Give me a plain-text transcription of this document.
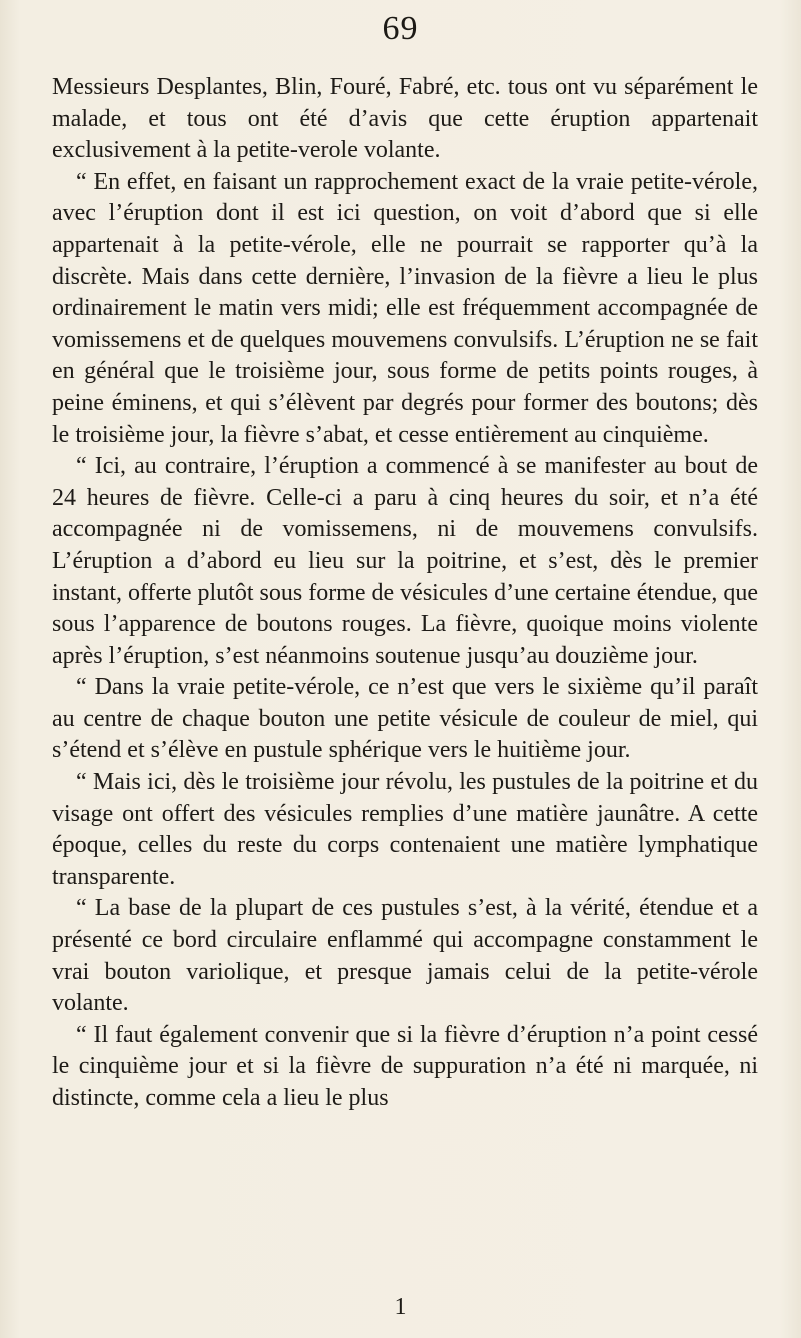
69

Messieurs Desplantes, Blin, Fouré, Fabré, etc. tous ont vu séparément le malade, et tous ont été d’avis que cette éruption appartenait exclusivement à la petite-verole volante.

“ En effet, en faisant un rapprochement exact de la vraie petite-vérole, avec l’éruption dont il est ici question, on voit d’abord que si elle appartenait à la petite-vérole, elle ne pourrait se rapporter qu’à la discrète. Mais dans cette dernière, l’invasion de la fièvre a lieu le plus ordinairement le matin vers midi; elle est fréquemment accompagnée de vomissemens et de quelques mouvemens convulsifs. L’éruption ne se fait en général que le troisième jour, sous forme de petits points rouges, à peine éminens, et qui s’élèvent par degrés pour former des boutons; dès le troisième jour, la fièvre s’abat, et cesse entièrement au cinquième.

“ Ici, au contraire, l’éruption a commencé à se manifester au bout de 24 heures de fièvre. Celle-ci a paru à cinq heures du soir, et n’a été accompagnée ni de vomissemens, ni de mouvemens convulsifs. L’éruption a d’abord eu lieu sur la poitrine, et s’est, dès le premier instant, offerte plutôt sous forme de vésicules d’une certaine étendue, que sous l’apparence de boutons rouges. La fièvre, quoique moins violente après l’éruption, s’est néanmoins soutenue jusqu’au douzième jour.

“ Dans la vraie petite-vérole, ce n’est que vers le sixième qu’il paraît au centre de chaque bouton une petite vésicule de couleur de miel, qui s’étend et s’élève en pustule sphérique vers le huitième jour.

“ Mais ici, dès le troisième jour révolu, les pustules de la poitrine et du visage ont offert des vésicules remplies d’une matière jaunâtre. A cette époque, celles du reste du corps contenaient une matière lymphatique transparente.

“ La base de la plupart de ces pustules s’est, à la vérité, étendue et a présenté ce bord circulaire enflammé qui accompagne constamment le vrai bouton variolique, et presque jamais celui de la petite-vérole volante.

“ Il faut également convenir que si la fièvre d’éruption n’a point cessé le cinquième jour et si la fièvre de suppuration n’a été ni marquée, ni distincte, comme cela a lieu le plus

1
